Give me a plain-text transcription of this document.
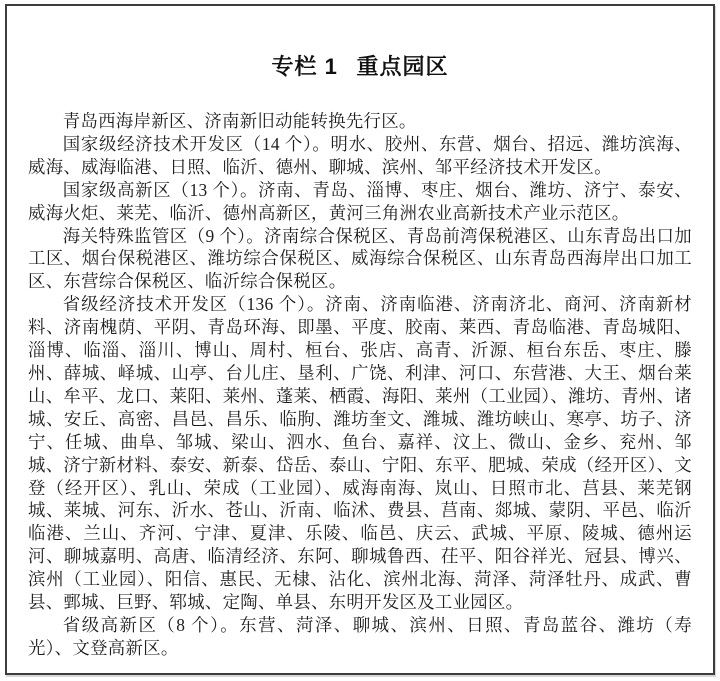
专栏 1 重点园区

青岛西海岸新区、济南新旧动能转换先行区。

国家级经济技术开发区（14 个）。明水、胶州、东营、烟台、招远、潍坊滨海、威海、威海临港、日照、临沂、德州、聊城、滨州、邹平经济技术开发区。

国家级高新区（13 个）。济南、青岛、淄博、枣庄、烟台、潍坊、济宁、泰安、威海火炬、莱芜、临沂、德州高新区，黄河三角洲农业高新技术产业示范区。

海关特殊监管区（9 个）。济南综合保税区、青岛前湾保税港区、山东青岛出口加工区、烟台保税港区、潍坊综合保税区、威海综合保税区、山东青岛西海岸出口加工区、东营综合保税区、临沂综合保税区。

省级经济技术开发区（136 个）。济南、济南临港、济南济北、商河、济南新材料、济南槐荫、平阴、青岛环海、即墨、平度、胶南、莱西、青岛临港、青岛城阳、淄博、临淄、淄川、博山、周村、桓台、张店、高青、沂源、桓台东岳、枣庄、滕州、薛城、峄城、山亭、台儿庄、垦利、广饶、利津、河口、东营港、大王、烟台莱山、牟平、龙口、莱阳、莱州、蓬莱、栖霞、海阳、莱州（工业园）、潍坊、青州、诸城、安丘、高密、昌邑、昌乐、临朐、潍坊奎文、潍城、潍坊峡山、寒亭、坊子、济宁、任城、曲阜、邹城、梁山、泗水、鱼台、嘉祥、汶上、微山、金乡、兖州、邹城、济宁新材料、泰安、新泰、岱岳、泰山、宁阳、东平、肥城、荣成（经开区）、文登（经开区）、乳山、荣成（工业园）、威海南海、岚山、日照市北、莒县、莱芜钢城、莱城、河东、沂水、苍山、沂南、临沭、费县、莒南、郯城、蒙阴、平邑、临沂临港、兰山、齐河、宁津、夏津、乐陵、临邑、庆云、武城、平原、陵城、德州运河、聊城嘉明、高唐、临清经济、东阿、聊城鲁西、茌平、阳谷祥光、冠县、博兴、滨州（工业园）、阳信、惠民、无棣、沾化、滨州北海、菏泽、菏泽牡丹、成武、曹县、鄄城、巨野、郓城、定陶、单县、东明开发区及工业园区。

省级高新区（8 个）。东营、菏泽、聊城、滨州、日照、青岛蓝谷、潍坊（寿光）、文登高新区。
